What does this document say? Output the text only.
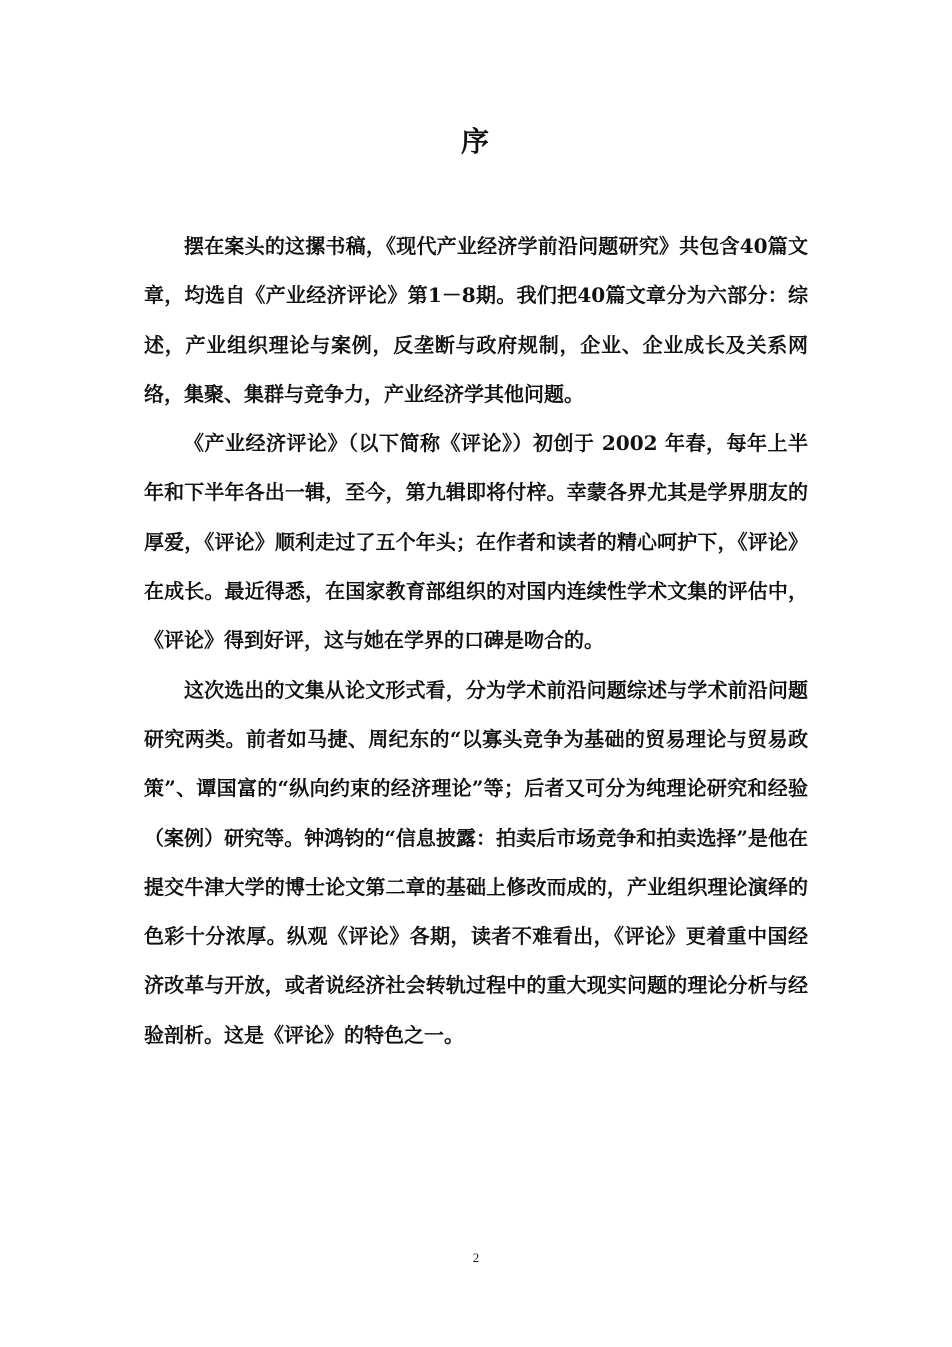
序

摆在案头的这摞书稿，《现代产业经济学前沿问题研究》共包含40篇文章，均选自《产业经济评论》第1－8期。我们把40篇文章分为六部分：综述，产业组织理论与案例，反垄断与政府规制，企业、企业成长及关系网络，集聚、集群与竞争力，产业经济学其他问题。

《产业经济评论》（以下简称《评论》）初创于 2002 年春，每年上半年和下半年各出一辑，至今，第九辑即将付梓。幸蒙各界尤其是学界朋友的厚爱，《评论》顺利走过了五个年头；在作者和读者的精心呵护下，《评论》在成长。最近得悉，在国家教育部组织的对国内连续性学术文集的评估中，《评论》得到好评，这与她在学界的口碑是吻合的。

这次选出的文集从论文形式看，分为学术前沿问题综述与学术前沿问题研究两类。前者如马捷、周纪东的“以寡头竞争为基础的贸易理论与贸易政策”、谭国富的“纵向约束的经济理论”等；后者又可分为纯理论研究和经验（案例）研究等。钟鸿钧的“信息披露：拍卖后市场竞争和拍卖选择”是他在提交牛津大学的博士论文第二章的基础上修改而成的，产业组织理论演绎的色彩十分浓厚。纵观《评论》各期，读者不难看出，《评论》更着重中国经济改革与开放，或者说经济社会转轨过程中的重大现实问题的理论分析与经验剖析。这是《评论》的特色之一。

2
